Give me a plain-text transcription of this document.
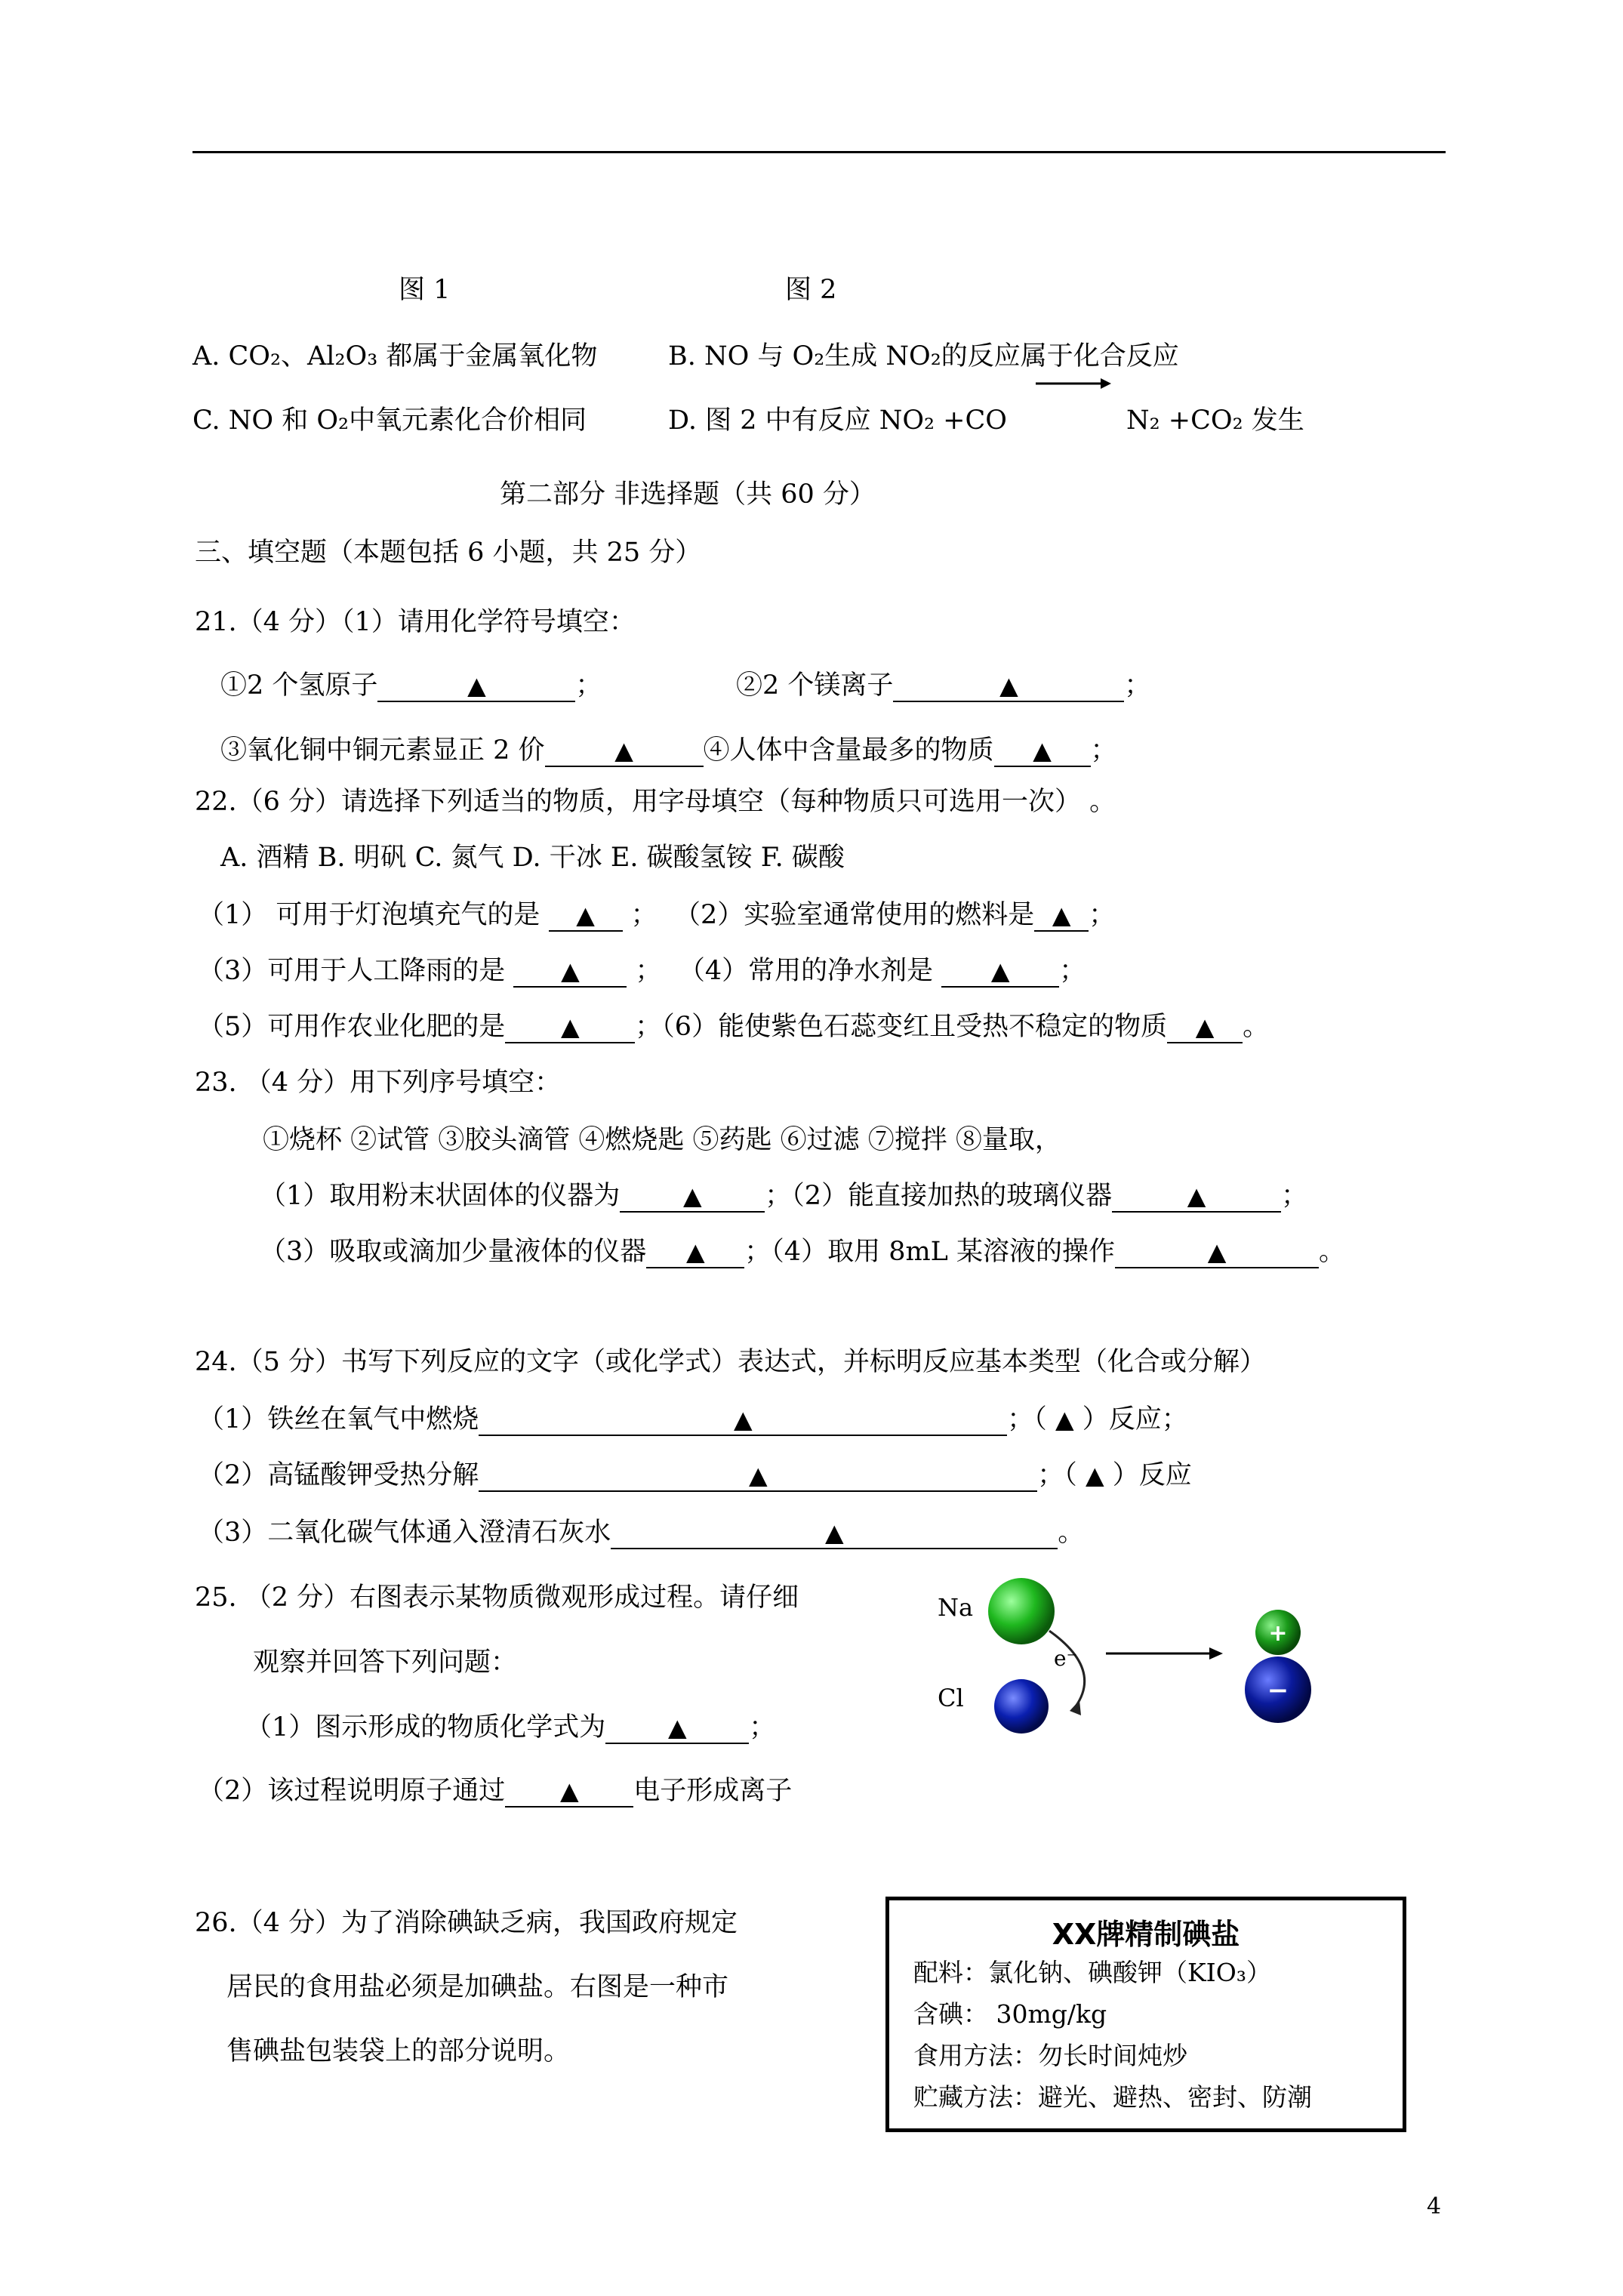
图 1	图 2
A. CO₂、Al₂O₃ 都属于金属氧化物	B. NO 与 O₂生成 NO₂的反应属于化合反应
C. NO 和 O₂中氧元素化合价相同	D. 图 2 中有反应 NO₂ +CO	N₂ +CO₂ 发生
第二部分 非选择题（共 60 分）
三、填空题（本题包括 6 小题，共 25 分）
21.（4 分）（1）请用化学符号填空：
①2 个氢原子	▲	；	②2 个镁离子	▲	；
③氧化铜中铜元素显正 2 价	▲	④人体中含量最多的物质 ▲ ；
22.（6 分）请选择下列适当的物质，用字母填空（每种物质只可选用一次） 。
A. 酒精 B. 明矾 C. 氮气 D. 干冰 E. 碳酸氢铵 F. 碳酸
（1） 可用于灯泡填充气的是 ▲ ；  （2）实验室通常使用的燃料是 ▲ ；
（3）可用于人工降雨的是 ▲ ；  （4）常用的净水剂是 ▲ ；
（5）可用作农业化肥的是 ▲ ；（6）能使紫色石蕊变红且受热不稳定的物质 ▲ 。
23. （4 分）用下列序号填空：
①烧杯 ②试管 ③胶头滴管 ④燃烧匙 ⑤药匙 ⑥过滤 ⑦搅拌 ⑧量取，
（1）取用粉末状固体的仪器为	▲ ；（2）能直接加热的玻璃仪器	▲	；
（3）吸取或滴加少量液体的仪器 ▲ ；（4）取用 8mL 某溶液的操作	▲	。
24.（5 分）书写下列反应的文字（或化学式）表达式，并标明反应基本类型（化合或分解）
（1）铁丝在氧气中燃烧	▲	；（ ▲ ）反应；
（2）高锰酸钾受热分解	▲	；（ ▲ ）反应
（3）二氧化碳气体通入澄清石灰水	▲	。
25. （2 分）右图表示某物质微观形成过程。请仔细
观察并回答下列问题：
（1）图示形成的物质化学式为	▲ ；
（2）该过程说明原子通过 ▲ 电子形成离子
Na
Cl
e⁻
+
−
26.（4 分）为了消除碘缺乏病，我国政府规定
居民的食用盐必须是加碘盐。右图是一种市
售碘盐包装袋上的部分说明。
XX牌精制碘盐
配料：氯化钠、碘酸钾（KIO₃）
含碘： 30mg/kg
食用方法：勿长时间炖炒
贮藏方法：避光、避热、密封、防潮
4
